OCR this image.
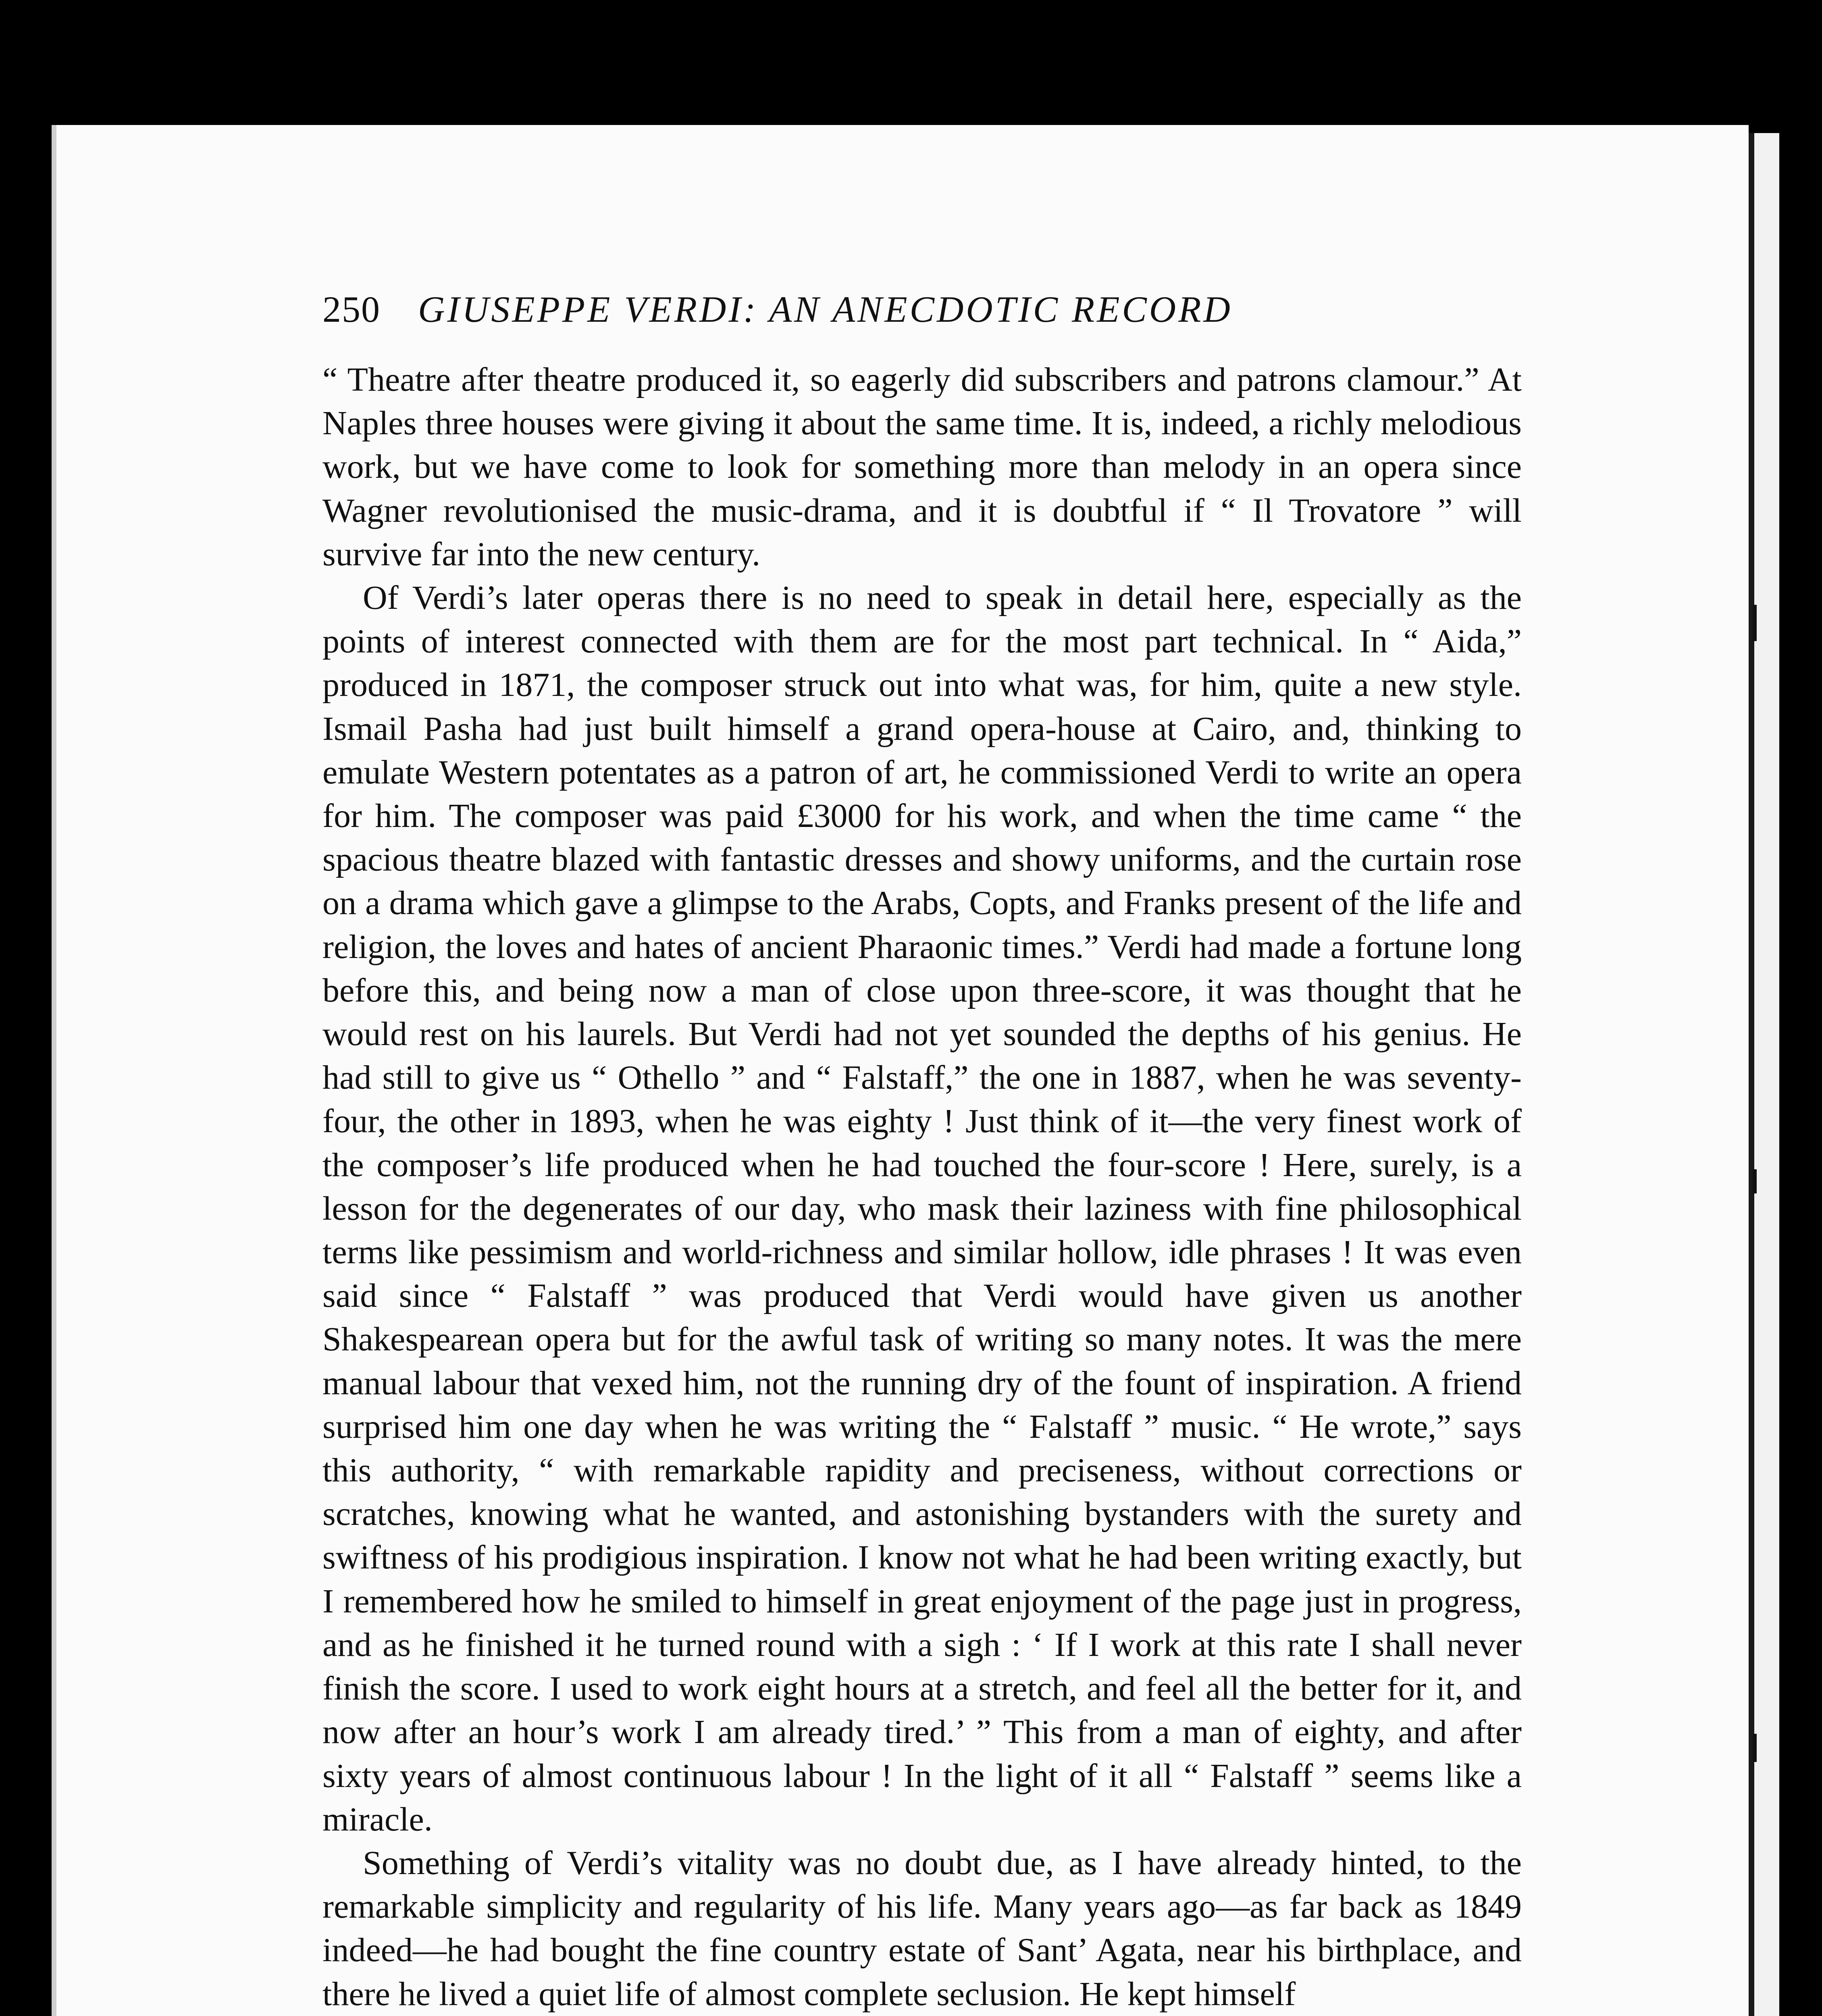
250 GIUSEPPE VERDI: AN ANECDOTIC RECORD

“ Theatre after theatre produced it, so eagerly did subscribers and patrons clamour.” At Naples three houses were giving it about the same time. It is, indeed, a richly melodious work, but we have come to look for something more than melody in an opera since Wagner revolutionised the music-drama, and it is doubtful if “ Il Trovatore ” will survive far into the new century.

Of Verdi’s later operas there is no need to speak in detail here, especially as the points of interest connected with them are for the most part technical. In “ Aida,” produced in 1871, the composer struck out into what was, for him, quite a new style. Ismail Pasha had just built himself a grand opera-house at Cairo, and, thinking to emulate Western potentates as a patron of art, he commissioned Verdi to write an opera for him. The composer was paid £3000 for his work, and when the time came “ the spacious theatre blazed with fantastic dresses and showy uniforms, and the curtain rose on a drama which gave a glimpse to the Arabs, Copts, and Franks present of the life and religion, the loves and hates of ancient Pharaonic times.” Verdi had made a fortune long before this, and being now a man of close upon three-score, it was thought that he would rest on his laurels. But Verdi had not yet sounded the depths of his genius. He had still to give us “ Othello ” and “ Falstaff,” the one in 1887, when he was seventy-four, the other in 1893, when he was eighty ! Just think of it—the very finest work of the composer’s life produced when he had touched the four-score ! Here, surely, is a lesson for the degenerates of our day, who mask their laziness with fine philosophical terms like pessimism and world-richness and similar hollow, idle phrases ! It was even said since “ Falstaff ” was produced that Verdi would have given us another Shakespearean opera but for the awful task of writing so many notes. It was the mere manual labour that vexed him, not the running dry of the fount of inspiration. A friend surprised him one day when he was writing the “ Falstaff ” music. “ He wrote,” says this authority, “ with remarkable rapidity and preciseness, without corrections or scratches, knowing what he wanted, and astonishing bystanders with the surety and swiftness of his prodigious inspiration. I know not what he had been writing exactly, but I remembered how he smiled to himself in great enjoyment of the page just in progress, and as he finished it he turned round with a sigh : ‘ If I work at this rate I shall never finish the score. I used to work eight hours at a stretch, and feel all the better for it, and now after an hour’s work I am already tired.’ ” This from a man of eighty, and after sixty years of almost continuous labour ! In the light of it all “ Falstaff ” seems like a miracle.

Something of Verdi’s vitality was no doubt due, as I have already hinted, to the remarkable simplicity and regularity of his life. Many years ago—as far back as 1849 indeed—he had bought the fine country estate of Sant’ Agata, near his birthplace, and there he lived a quiet life of almost complete seclusion. He kept himself
